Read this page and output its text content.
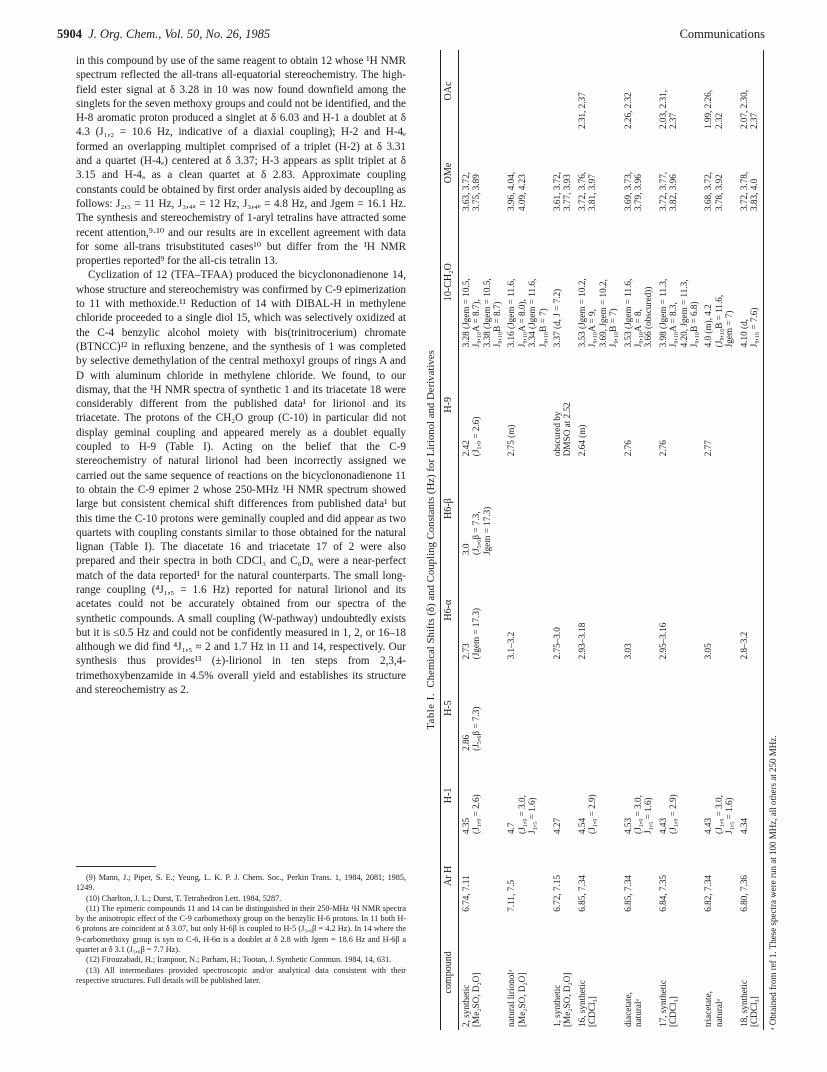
5904 J. Org. Chem., Vol. 50, No. 26, 1985	Communications

in this compound by use of the same reagent to obtain 12 whose ¹H NMR spectrum reflected the all-trans all-equatorial stereochemistry. The high-field ester signal at δ 3.28 in 10 was now found downfield among the singlets for the seven methoxy groups and could not be identified, and the H-8 aromatic proton produced a singlet at δ 6.03 and H-1 a doublet at δ 4.3 (J₁,₂ = 10.6 Hz, indicative of a diaxial coupling); H-2 and H-4ₑ formed an overlapping multiplet comprised of a triplet (H-2) at δ 3.31 and a quartet (H-4ₑ) centered at δ 3.37; H-3 appears as split triplet at δ 3.15 and H-4ₐ as a clean quartet at δ 2.83. Approximate coupling constants could be obtained by first order analysis aided by decoupling as follows: J₂,₃ = 11 Hz, J₃,₄ₐ = 12 Hz, J₃,₄ₑ = 4.8 Hz, and Jgem = 16.1 Hz. The synthesis and stereochemistry of 1-aryl tetralins have attracted some recent attention,⁹·¹⁰ and our results are in excellent agreement with data for some all-trans trisubstituted cases¹⁰ but differ from the ¹H NMR properties reported⁹ for the all-cis tetralin 13.

Cyclization of 12 (TFA–TFAA) produced the bicyclononadienone 14, whose structure and stereochemistry was confirmed by C-9 epimerization to 11 with methoxide.¹¹ Reduction of 14 with DIBAL-H in methylene chloride proceeded to a single diol 15, which was selectively oxidized at the C-4 benzylic alcohol moiety with bis(trinitrocerium) chromate (BTNCC)¹² in refluxing benzene, and the synthesis of 1 was completed by selective demethylation of the central methoxyl groups of rings A and D with aluminum chloride in methylene chloride. We found, to our dismay, that the ¹H NMR spectra of synthetic 1 and its triacetate 18 were considerably different from the published data¹ for lirionol and its triacetate. The protons of the CH₂O group (C-10) in particular did not display geminal coupling and appeared merely as a doublet equally coupled to H-9 (Table I). Acting on the belief that the C-9 stereochemistry of natural lirionol had been incorrectly assigned we carried out the same sequence of reactions on the bicyclononadienone 11 to obtain the C-9 epimer 2 whose 250-MHz ¹H NMR spectrum showed large but consistent chemical shift differences from published data¹ but this time the C-10 protons were geminally coupled and did appear as two quartets with coupling constants similar to those obtained for the natural lignan (Table I). The diacetate 16 and triacetate 17 of 2 were also prepared and their spectra in both CDCl₃ and C₆D₆ were a near-perfect match of the data reported¹ for the natural counterparts. The small long-range coupling (⁴J₁,₅ = 1.6 Hz) reported for natural lirionol and its acetates could not be accurately obtained from our spectra of the synthetic compounds. A small coupling (W-pathway) undoubtedly exists but it is ≤0.5 Hz and could not be confidently measured in 1, 2, or 16–18 although we did find ⁴J₁,₅ ≈ 2 and 1.7 Hz in 11 and 14, respectively. Our synthesis thus provides¹³ (±)-lirionol in ten steps from 2,3,4-trimethoxybenzamide in 4.5% overall yield and establishes its structure and stereochemistry as 2.

(9) Mann, J.; Piper, S. E.; Yeung, L. K. P. J. Chem. Soc., Perkin Trans. 1, 1984, 2081; 1985, 1249.

(10) Charlton, J. L.; Durst, T. Tetrahedron Lett. 1984, 5287.

(11) The epimeric compounds 11 and 14 can be distinguished in their 250-MHz ¹H NMR spectra by the anisotropic effect of the C-9 carbomethoxy group on the benzylic H-6 protons. In 11 both H-6 protons are coincident at δ 3.07, but only H-6β is coupled to H-5 (J₅,₆β = 4.2 Hz). In 14 where the 9-carbomethoxy group is syn to C-6, H-6α is a doublet at δ 2.8 with Jgem = 18.6 Hz and H-6β a quartet at δ 3.1 (J₅,₆β = 7.7 Hz).

(12) Firouzabadi, H.; Iranpoor, N.; Parham, H.; Tootan, J. Synthetic Commun. 1984, 14, 631.

(13) All intermediates provided spectroscopic and/or analytical data consistent with their respective structures. Full details will be published later.

Table I.  Chemical Shifts (δ) and Coupling Constants (Hz) for Lirionol and Derivatives
compound	Ar H	H-1	H-5	H6-α	H6-β	H-9	10-CH₂O	OMe	OAc

2, synthetic [Me₂SO, D₂O]	6.74, 7.11	4.35 (J₁,₉ = 2.6)	2.86 (J₅,₆β = 7.3)	2.73 (Jgem = 17.3)	3.0 (J₅,₆β = 7.3, Jgem = 17.3)	2.42 (J₁,₉ = 2.6)	3.28 (Jgem = 10.5, J₉,₁₀A = 8.7), 3.38 (Jgem = 10.5, J₉,₁₀B = 8.7)	3.63, 3.72, 3.75, 3.89	

natural lirionolᵃ [Me₂SO, D₂O]	7.11, 7.5	4.7 (J₁,₉ = 3.0, J₁,₅ = 1.6)		3.1–3.2		2.75 (m)	3.16 (Jgem = 11.6, J₉,₁₀A = 8.0), 3.34 (Jgem = 11.6, J₉,₁₀B = 7)	3.96, 4.04, 4.09, 4.23	

1, synthetic [Me₂SO, D₂O]	6.72, 7.15	4.27		2.75–3.0		obscured by DMSO at 2.52	3.37 (d, J = 7.2)	3.61, 3.72, 3.77, 3.93	

16, synthetic [CDCl₃]	6.85, 7.34	4.54 (J₁,₉ = 2.9)		2.93–3.18		2.64 (m)	3.53 (Jgem = 10.2, J₉,₁₀A = 9, 3.69, Jgem = 10.2, J₉,₁₀B = 7)	3.72, 3.76, 3.81, 3.97	2.31, 2.37

diacetate, naturalᵃ	6.85, 7.34	4.53 (J₁,₉ = 3.0, J₁,₅ = 1.6)		3.03		2.76	3.53 (Jgem = 11.6, J₉,₁₀A = 8, 3.66 (obscured))	3.69, 3.73, 3.79, 3.96	2.26, 2.32

17, synthetic [CDCl₃]	6.84, 7.35	4.43 (J₁,₉ = 2.9)		2.95–3.16		2.76	3.98 (Jgem = 11.3, J₉,₁₀A = 8.3, 4.20, Jgem = 11.3, J₉,₁₀B = 6.8)	3.72, 3.77, 3.82, 3.96	2.03, 2.31, 2.37

triacetate, naturalᵃ	6.82, 7.34	4.43 (J₁,₉ = 3.0, J₁,₅ = 1.6)		3.05		2.77	4.0 (m), 4.2 (J₉,₁₀B = 11.6, Jgem = 7)	3.68, 3.72, 3.78, 3.92	1.99, 2.26, 2.32

18, synthetic [CDCl₃]	6.80, 7.36	4.34		2.8–3.2			4.10 (d, J₉,₁₀ = 7.6)	3.72, 3.78, 3.83, 4.0	2.07, 2.30, 2.37
ᵃ Obtained from ref 1. These spectra were run at 100 MHz, all others at 250 MHz.
